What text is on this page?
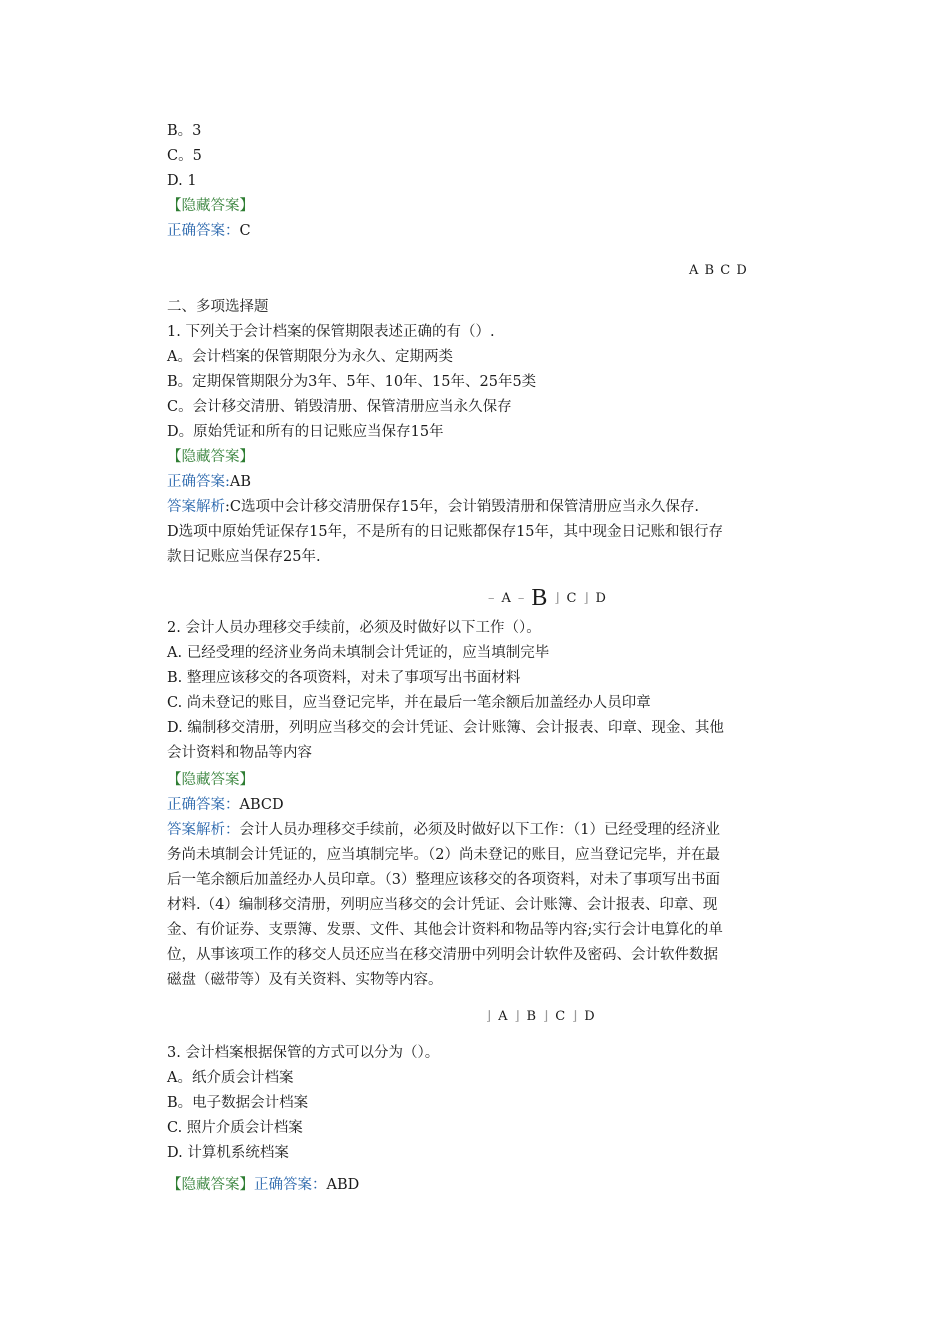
B。3
C。5
D. 1
【隐藏答案】
正确答案：C
A B C D
二、多项选择题
1. 下列关于会计档案的保管期限表述正确的有（）.
A。会计档案的保管期限分为永久、定期两类
B。定期保管期限分为3年、5年、10年、15年、25年5类
C。会计移交清册、销毁清册、保管清册应当永久保存
D。原始凭证和所有的日记账应当保存15年
【隐藏答案】
正确答案:AB
答案解析:C选项中会计移交清册保存15年，会计销毁清册和保管清册应当永久保存.
D选项中原始凭证保存15年，不是所有的日记账都保存15年，其中现金日记账和银行存
款日记账应当保存25年.
– A – B ⌋ C ⌋ D
2. 会计人员办理移交手续前，必须及时做好以下工作（）。
A. 已经受理的经济业务尚未填制会计凭证的，应当填制完毕
B. 整理应该移交的各项资料，对未了事项写出书面材料
C. 尚未登记的账目，应当登记完毕，并在最后一笔余额后加盖经办人员印章
D. 编制移交清册，列明应当移交的会计凭证、会计账簿、会计报表、印章、现金、其他
会计资料和物品等内容
【隐藏答案】
正确答案：ABCD
答案解析：会计人员办理移交手续前，必须及时做好以下工作：（1）已经受理的经济业
务尚未填制会计凭证的，应当填制完毕。（2）尚未登记的账目，应当登记完毕，并在最
后一笔余额后加盖经办人员印章。（3）整理应该移交的各项资料，对未了事项写出书面
材料.（4）编制移交清册，列明应当移交的会计凭证、会计账簿、会计报表、印章、现
金、有价证券、支票簿、发票、文件、其他会计资料和物品等内容;实行会计电算化的单
位，从事该项工作的移交人员还应当在移交清册中列明会计软件及密码、会计软件数据
磁盘（磁带等）及有关资料、实物等内容。
⌋ A ⌋ B ⌋ C ⌋ D
3. 会计档案根据保管的方式可以分为（）。
A。纸介质会计档案
B。电子数据会计档案
C. 照片介质会计档案
D. 计算机系统档案
【隐藏答案】正确答案：ABD
